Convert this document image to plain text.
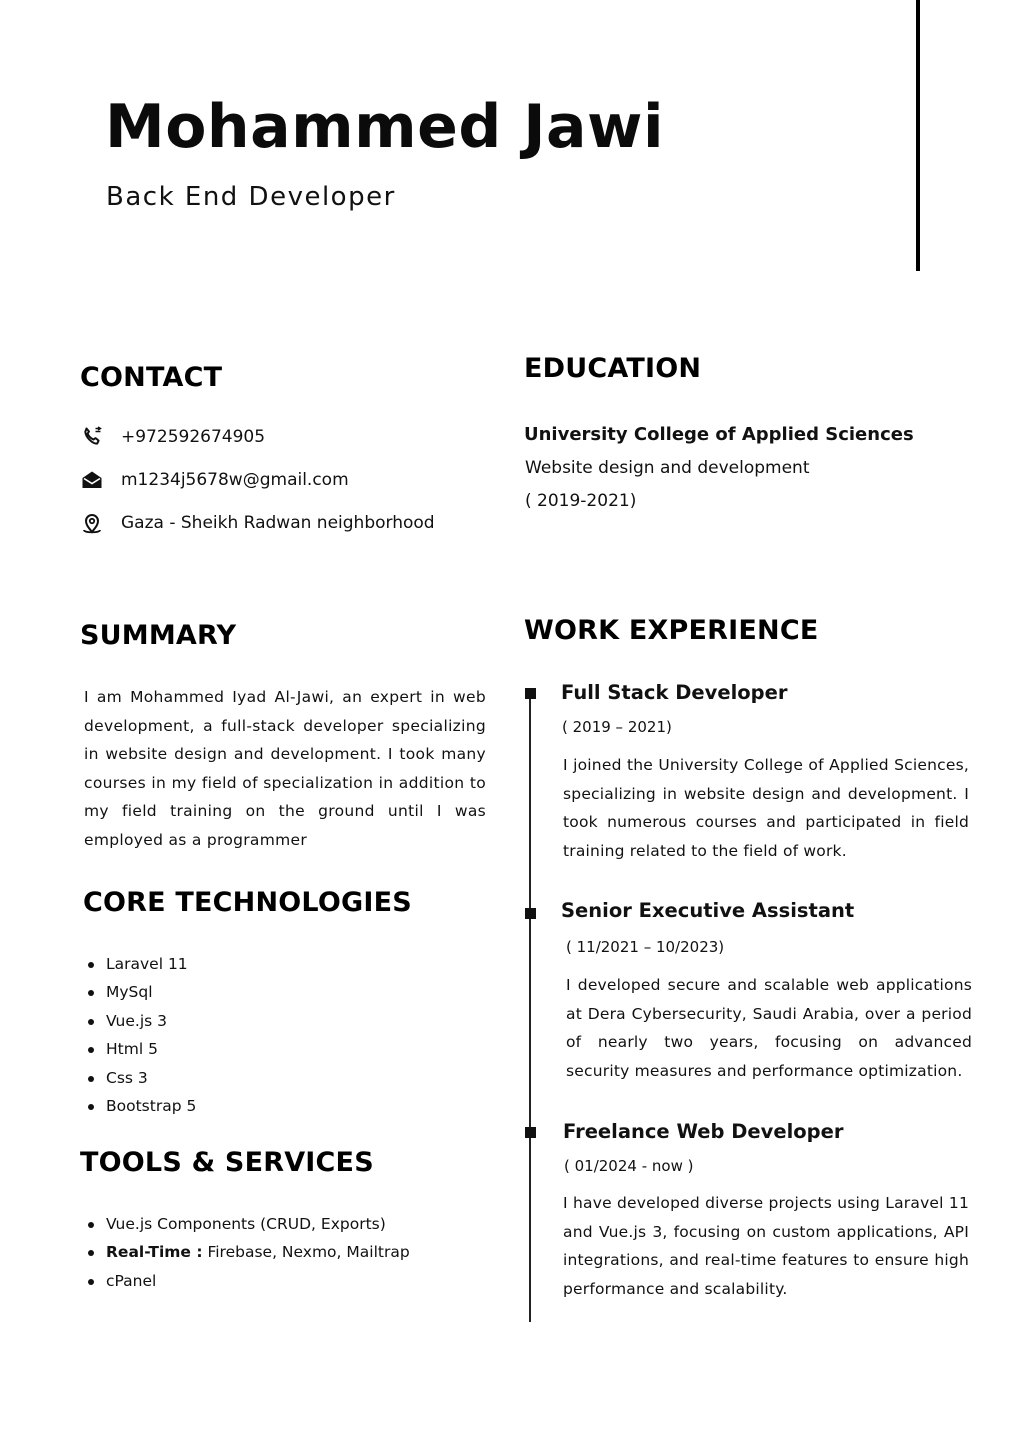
Mohammed Jawi

Back End Developer

CONTACT
+972592674905
m1234j5678w@gmail.com
Gaza - Sheikh Radwan neighborhood
EDUCATION

University College of Applied Sciences

Website design and development

( 2019-2021)

SUMMARY

I am Mohammed Iyad Al-Jawi, an expert in web development, a full-stack developer specializing in website design and development. I took many courses in my field of specialization in addition to my field training on the ground until I was employed as a programmer

CORE TECHNOLOGIES
Laravel 11
MySql
Vue.js 3
Html 5
Css 3
Bootstrap 5
TOOLS & SERVICES
Vue.js Components (CRUD, Exports)
Real-Time : Firebase, Nexmo, Mailtrap
cPanel
WORK EXPERIENCE

Full Stack Developer

( 2019 – 2021)

I joined the University College of Applied Sciences, specializing in website design and development. I took numerous courses and participated in field training related to the field of work.

Senior Executive Assistant

( 11/2021 – 10/2023)

I developed secure and scalable web applications at Dera Cybersecurity, Saudi Arabia, over a period of nearly two years, focusing on advanced security measures and performance optimization.

Freelance Web Developer

( 01/2024 - now )

I have developed diverse projects using Laravel 11 and Vue.js 3, focusing on custom applications, API integrations, and real-time features to ensure high performance and scalability.
